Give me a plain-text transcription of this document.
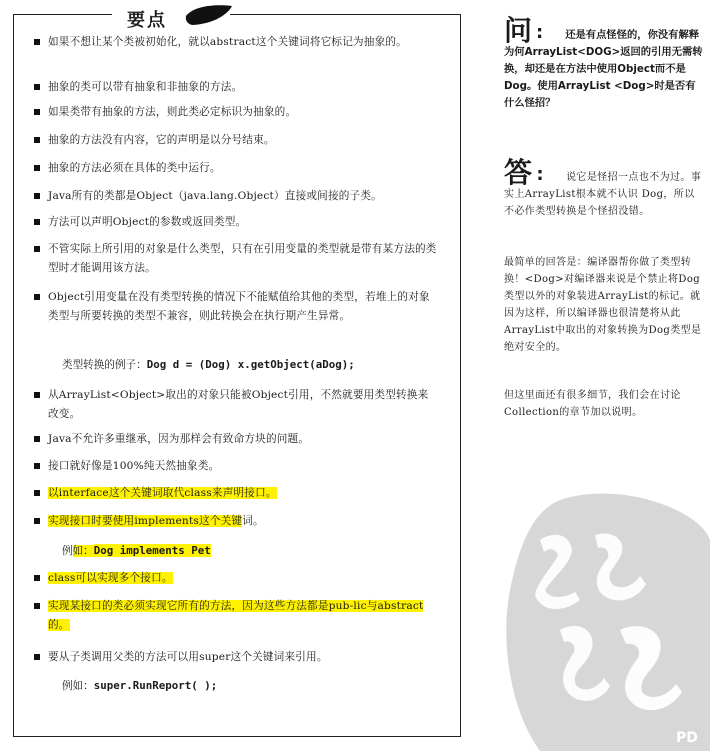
要点
如果不想让某个类被初始化，就以abstract这个关键词将它标记为抽象的。
抽象的类可以带有抽象和非抽象的方法。
如果类带有抽象的方法，则此类必定标识为抽象的。
抽象的方法没有内容，它的声明是以分号结束。
抽象的方法必须在具体的类中运行。
Java所有的类都是Object（java.lang.Object）直接或间接的子类。
方法可以声明Object的参数或返回类型。
不管实际上所引用的对象是什么类型，只有在引用变量的类型就是带有某方法的类型时才能调用该方法。
Object引用变量在没有类型转换的情况下不能赋值给其他的类型，若堆上的对象类型与所要转换的类型不兼容，则此转换会在执行期产生异常。
类型转换的例子：Dog d = (Dog) x.getObject(aDog);
从ArrayList<Object>取出的对象只能被Object引用，不然就要用类型转换来改变。
Java不允许多重继承，因为那样会有致命方块的问题。
接口就好像是100%纯天然抽象类。
以interface这个关键词取代class来声明接口。
实现接口时要使用implements这个关键词。
例如：Dog implements Pet
class可以实现多个接口。
实现某接口的类必须实现它所有的方法，因为这些方法都是pub-lic与abstract的。
要从子类调用父类的方法可以用super这个关键词来引用。
例如：super.RunReport( );
问 : 还是有点怪怪的，你没有解释为何ArrayList<DOG>返回的引用无需转换，却还是在方法中使用Object而不是Dog。使用ArrayList <Dog>时是否有什么怪招？
答 : 说它是怪招一点也不为过。事实上ArrayList根本就不认识 Dog，所以不必作类型转换是个怪招没错。
最简单的回答是：编译器帮你做了类型转换！<Dog>对编译器来说是个禁止将Dog类型以外的对象装进ArrayList的标记。就因为这样，所以编译器也很清楚将从此ArrayList中取出的对象转换为Dog类型是绝对安全的。
但这里面还有很多细节，我们会在讨论Collection的章节加以说明。
PD
